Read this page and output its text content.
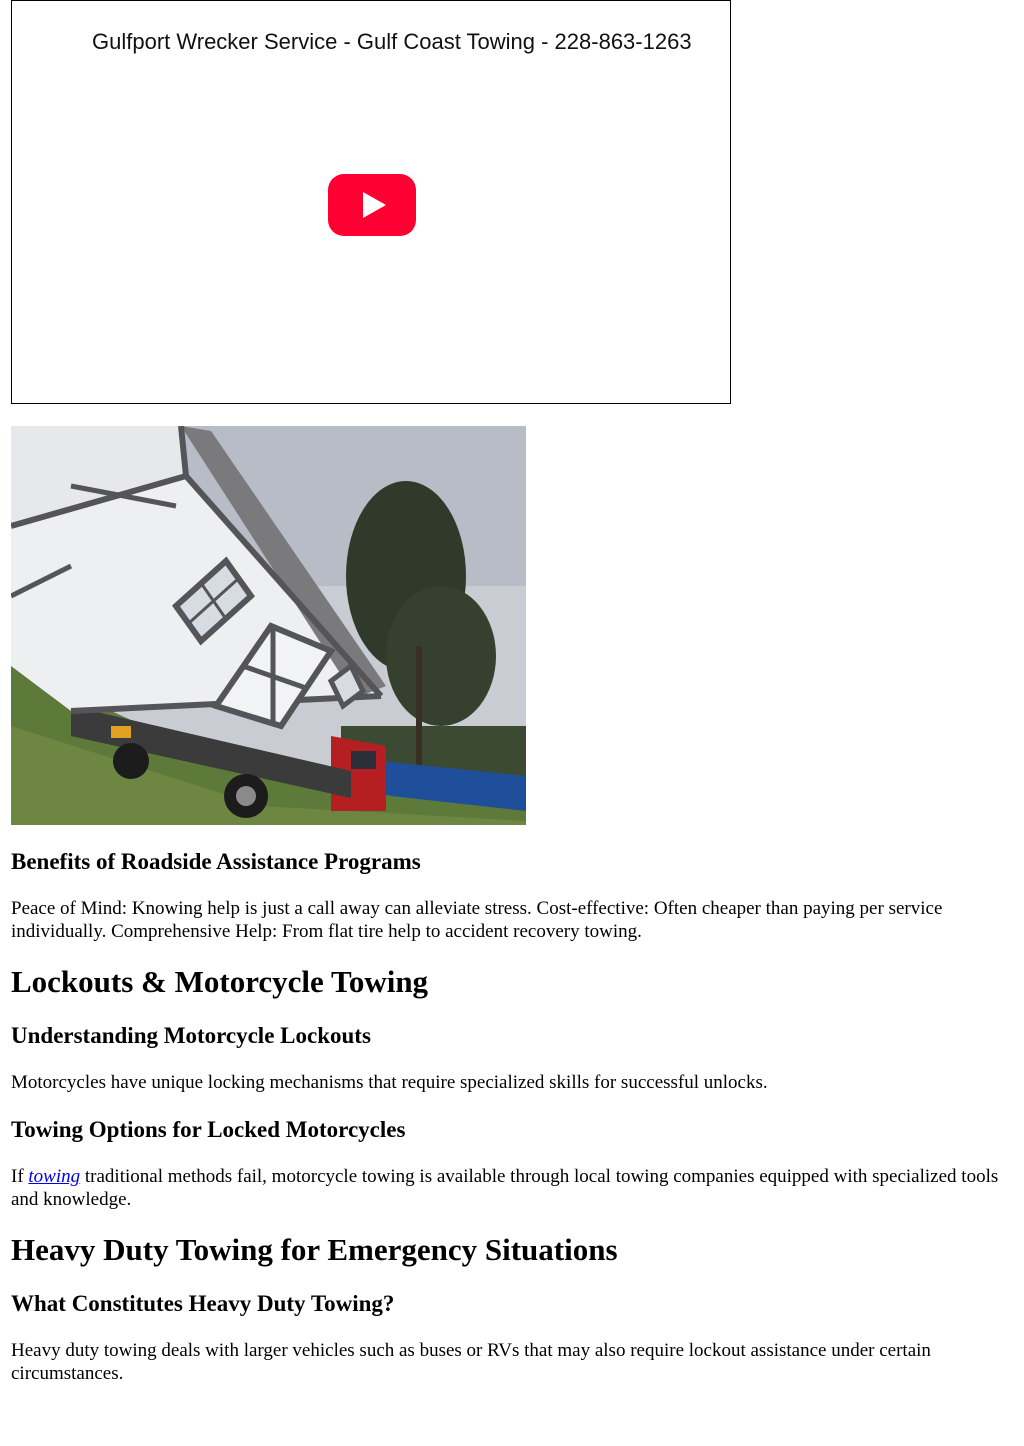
Gulfport Wrecker Service - Gulf Coast Towing - 228-863-1263
Benefits of Roadside Assistance Programs

Peace of Mind: Knowing help is just a call away can alleviate stress. Cost-effective: Often cheaper than paying per service individually. Comprehensive Help: From flat tire help to accident recovery towing.

Lockouts & Motorcycle Towing
Understanding Motorcycle Lockouts

Motorcycles have unique locking mechanisms that require specialized skills for successful unlocks.

Towing Options for Locked Motorcycles

If towing traditional methods fail, motorcycle towing is available through local towing companies equipped with specialized tools and knowledge.

Heavy Duty Towing for Emergency Situations
What Constitutes Heavy Duty Towing?

Heavy duty towing deals with larger vehicles such as buses or RVs that may also require lockout assistance under certain circumstances.
